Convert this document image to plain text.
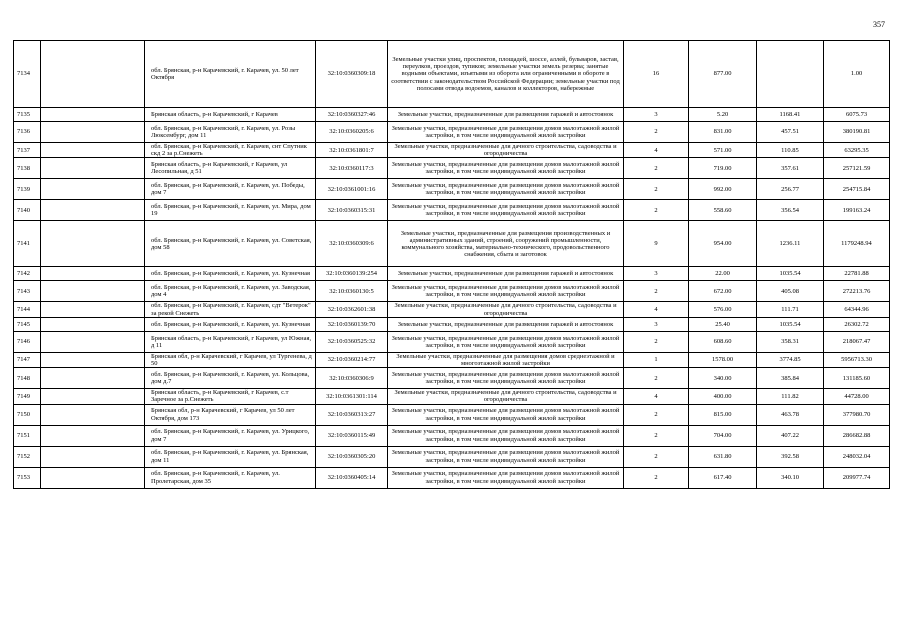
357
7134		обл. Брянская, р-н Карачевский, г. Карачев, ул. 50 лет Октября	32:10:0360309:18	Земельные участки улиц, проспектов, площадей, шоссе, аллей, бульваров, застав, переулков, проездов, тупиков; земельные участки земель резерва; занятые водными объектами, изъятыми из оборота или ограниченными в обороте в соответствии с законодательством Российской Федерации; земельные участки под полосами отвода водоемов, каналов и коллекторов, набережные	16	877.00		1.00
7135		Брянская область, р-н Карачевский, г Карачев	32:10:0360327:46	Земельные участки, предназначенные для размещения гаражей и автостоянок	3	5.20	1168.41	6075.73
7136		обл. Брянская, р-н Карачевский, г. Карачев, ул. Розы Люксембург, дом 11	32:10:0360205:6	Земельные участки, предназначенные для размещения домов малоэтажной жилой застройки, в том числе индивидуальной жилой застройки	2	831.00	457.51	380190.81
7137		обл. Брянская, р-н Карачевский, г. Карачев, снт Спутник скд 2 за р.Снежеть	32:10:0361801:7	Земельные участки, предназначенные для дачного строительства, садоводства и огородничества	4	571.00	110.85	63295.35
7138		Брянская область, р-н Карачевский, г Карачев, ул Лесопильная, д 51	32:10:0360117:3	Земельные участки, предназначенные для размещения домов малоэтажной жилой застройки, в том числе индивидуальной жилой застройки	2	719.00	357.61	257121.59
7139		обл. Брянская, р-н Карачевский, г. Карачев, ул. Победы, дом 7	32:10:0361001:16	Земельные участки, предназначенные для размещения домов малоэтажной жилой застройки, в том числе индивидуальной жилой застройки	2	992.00	256.77	254715.84
7140		обл. Брянская, р-н Карачевский, г. Карачев, ул. Мира, дом 19	32:10:0360315:31	Земельные участки, предназначенные для размещения домов малоэтажной жилой застройки, в том числе индивидуальной жилой застройки	2	558.60	356.54	199163.24
7141		обл. Брянская, р-н Карачевский, г. Карачев, ул. Советская, дом 58	32:10:0360309:6	Земельные участки, предназначенные для размещения производственных и административных зданий, строений, сооружений промышленности, коммунального хозяйства, материально-технического, продовольственного снабжения, сбыта и заготовок	9	954.00	1236.11	1179248.94
7142		обл. Брянская, р-н Карачевский, г. Карачев, ул. Кузнечная	32:10:0360139:254	Земельные участки, предназначенные для размещения гаражей и автостоянок	3	22.00	1035.54	22781.88
7143		обл. Брянская, р-н Карачевский, г. Карачев, ул. Заводская, дом 4	32:10:0360130:5	Земельные участки, предназначенные для размещения домов малоэтажной жилой застройки, в том числе индивидуальной жилой застройки	2	672.00	405.08	272213.76
7144		обл. Брянская, р-н Карачевский, г. Карачев, сдт "Ветерок" за рекой Снежеть	32:10:0362601:38	Земельные участки, предназначенные для дачного строительства, садоводства и огородничества	4	576.00	111.71	64344.96
7145		обл. Брянская, р-н Карачевский, г. Карачев, ул. Кузнечная	32:10:0360139:70	Земельные участки, предназначенные для размещения гаражей и автостоянок	3	25.40	1035.54	26302.72
7146		Брянская область, р-н Карачевский, г Карачев, ул Южная, д 11	32:10:0360525:32	Земельные участки, предназначенные для размещения домов малоэтажной жилой застройки, в том числе индивидуальной жилой застройки	2	608.60	358.31	218067.47
7147		Брянская обл, р-н Карачевский, г Карачев, ул Тургенева, д 50	32:10:0360214:77	Земельные участки, предназначенные для размещения домов среднеэтажной и многоэтажной жилой застройки	1	1578.00	3774.85	5956713.30
7148		обл. Брянская, р-н Карачевский, г. Карачев, ул. Кольцова, дом д.7	32:10:0360306:9	Земельные участки, предназначенные для размещения домов малоэтажной жилой застройки, в том числе индивидуальной жилой застройки	2	340.00	385.84	131185.60
7149		Брянская область, р-н Карачевский, г Карачев, с.т Заречное за р.Снежеть	32:10:0361301:114	Земельные участки, предназначенные для дачного строительства, садоводства и огородничества	4	400.00	111.82	44728.00
7150		Брянская обл, р-н Карачевский, г Карачев, ул 50 лет Октября, дом 173	32:10:0360313:27	Земельные участки, предназначенные для размещения домов малоэтажной жилой застройки, в том числе индивидуальной жилой застройки	2	815.00	463.78	377980.70
7151		обл. Брянская, р-н Карачевский, г. Карачев, ул. Урицкого, дом 7	32:10:0360115:49	Земельные участки, предназначенные для размещения домов малоэтажной жилой застройки, в том числе индивидуальной жилой застройки	2	704.00	407.22	286682.88
7152		обл. Брянская, р-н Карачевский, г. Карачев, ул. Брянская, дом 11	32:10:0360305:20	Земельные участки, предназначенные для размещения домов малоэтажной жилой застройки, в том числе индивидуальной жилой застройки	2	631.80	392.58	248032.04
7153		обл. Брянская, р-н Карачевский, г. Карачев, ул. Пролетарская, дом 35	32:10:0360405:14	Земельные участки, предназначенные для размещения домов малоэтажной жилой застройки, в том числе индивидуальной жилой застройки	2	617.40	340.10	209977.74
